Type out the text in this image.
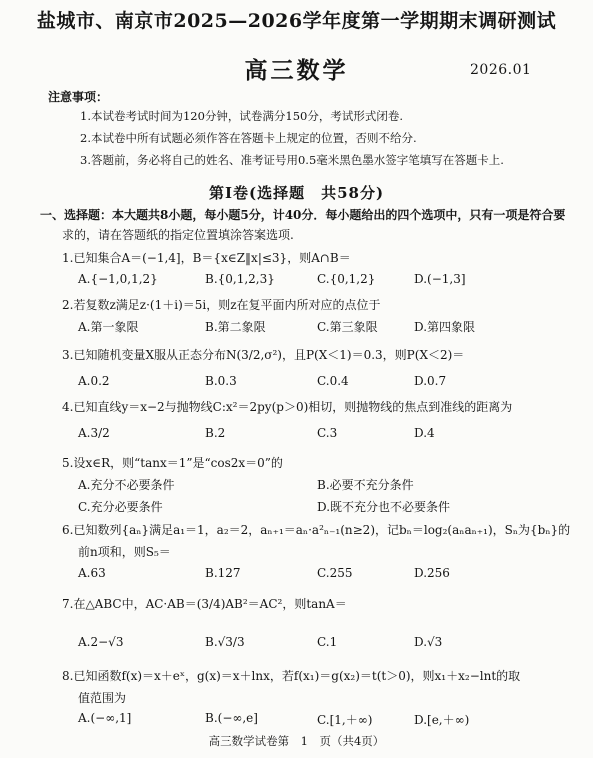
盐城市、南京市2025—2026学年度第一学期期末调研测试
高三数学	2026.01
注意事项：
1.本试卷考试时间为120分钟，试卷满分150分，考试形式闭卷.
2.本试卷中所有试题必须作答在答题卡上规定的位置，否则不给分.
3.答题前，务必将自己的姓名、准考证号用0.5毫米黑色墨水签字笔填写在答题卡上.
第Ⅰ卷(选择题　共58分)
一、选择题：本大题共8小题，每小题5分，计40分．每小题给出的四个选项中，只有一项是符合要
求的，请在答题纸的指定位置填涂答案选项.
1.已知集合A＝(−1,4]，B＝{x∈Z‖x|≤3}，则A∩B＝
A.{−1,0,1,2}	B.{0,1,2,3}	C.{0,1,2}	D.(−1,3]
2.若复数z满足z·(1＋i)＝5i，则z在复平面内所对应的点位于
A.第一象限	B.第二象限	C.第三象限	D.第四象限
3.已知随机变量X服从正态分布N(3/2,σ²)，且P(X＜1)＝0.3，则P(X＜2)＝
A.0.2	B.0.3	C.0.4	D.0.7
4.已知直线y＝x−2与抛物线C:x²＝2py(p＞0)相切，则抛物线的焦点到准线的距离为
A.3/2	B.2	C.3	D.4
5.设x∈R，则“tanx＝1”是“cos2x＝0”的
A.充分不必要条件	B.必要不充分条件
C.充分必要条件	D.既不充分也不必要条件
6.已知数列{aₙ}满足a₁＝1，a₂＝2，aₙ₊₁＝aₙ·a²ₙ₋₁(n≥2)，记bₙ＝log₂(aₙaₙ₊₁)，Sₙ为{bₙ}的
前n项和，则S₅＝
A.63	B.127	C.255	D.256
7.在△ABC中，AC·AB＝(3/4)AB²＝AC²，则tanA＝
A.2−√3	B.√3/3	C.1	D.√3
8.已知函数f(x)＝x＋eˣ，g(x)＝x＋lnx，若f(x₁)＝g(x₂)＝t(t＞0)，则x₁＋x₂−lnt的取
值范围为
A.(−∞,1]	B.(−∞,e]	C.[1,＋∞)	D.[e,＋∞)
高三数学试卷第　1　页（共4页）
